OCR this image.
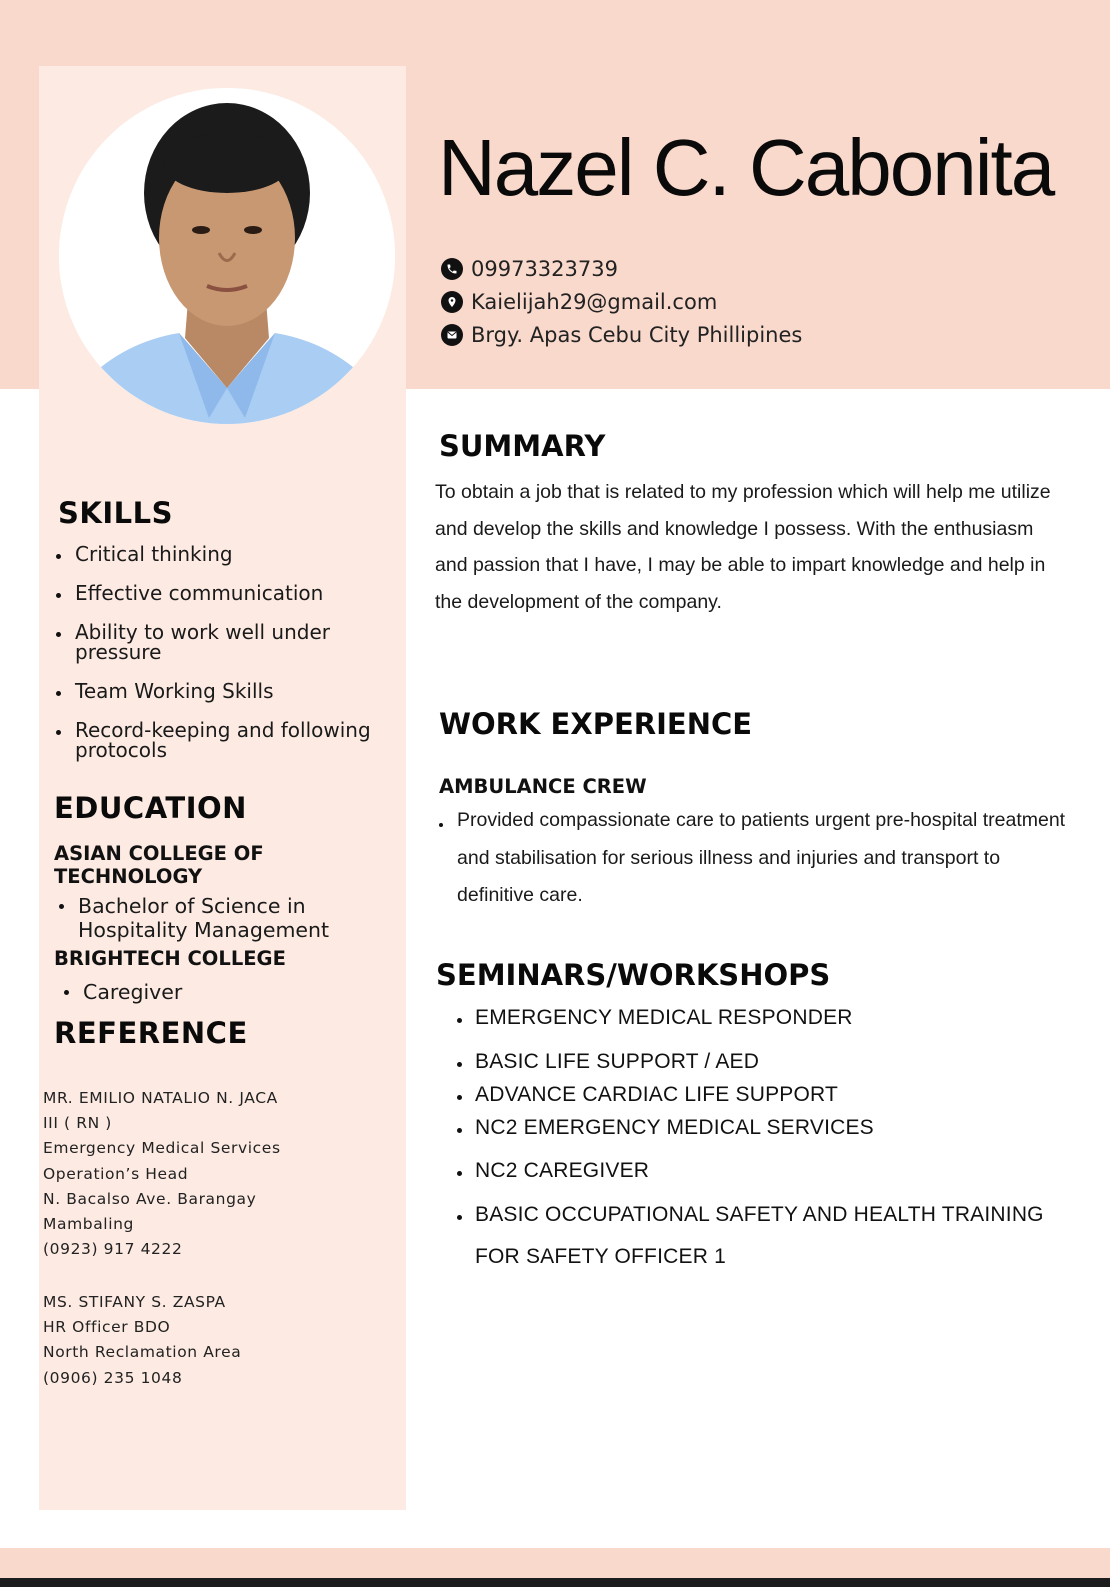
Nazel C. Cabonita
09973323739
Kaielijah29@gmail.com
Brgy. Apas Cebu City Phillipines
SKILLS
Critical thinking
Effective communication
Ability to work well under pressure
Team Working Skills
Record-keeping and following protocols
EDUCATION
ASIAN COLLEGE OF TECHNOLOGY
Bachelor of Science in Hospitality Management
BRIGHTECH COLLEGE
Caregiver
REFERENCE
MR. EMILIO NATALIO N. JACA
III ( RN )
Emergency Medical Services
Operation’s Head
N. Bacalso Ave. Barangay
Mambaling
(0923) 917 4222
MS. STIFANY S. ZASPA
HR Officer BDO
North Reclamation Area
(0906) 235 1048
SUMMARY
To obtain a job that is related to my profession which will help me utilize and develop the skills and knowledge I possess. With the enthusiasm and passion that I have, I may be able to impart knowledge and help in the development of the company.
WORK EXPERIENCE
AMBULANCE CREW
Provided compassionate care to patients urgent pre-hospital treatment and stabilisation for serious illness and injuries and transport to definitive care.
SEMINARS/WORKSHOPS
EMERGENCY MEDICAL RESPONDER
BASIC LIFE SUPPORT / AED
ADVANCE CARDIAC LIFE SUPPORT
NC2 EMERGENCY MEDICAL SERVICES
NC2 CAREGIVER
BASIC OCCUPATIONAL SAFETY AND HEALTH TRAINING
FOR SAFETY OFFICER 1
